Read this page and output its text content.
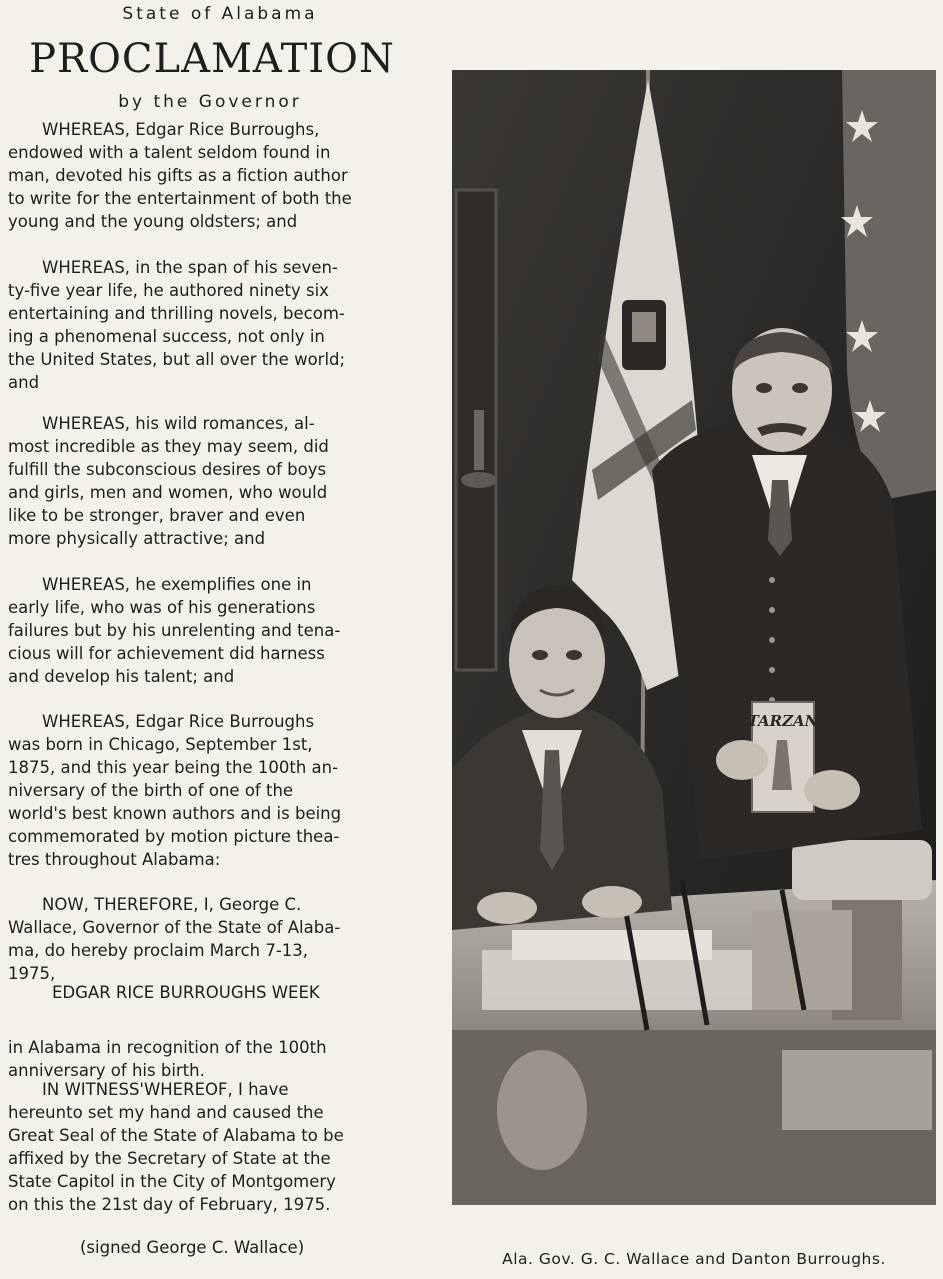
State of Alabama
PROCLAMATION
by the Governor

WHEREAS, Edgar Rice Burroughs,
endowed with a talent seldom found in
man, devoted his gifts as a fiction author
to write for the entertainment of both the
young and the young oldsters; and

WHEREAS, in the span of his seven-
ty-five year life, he authored ninety six
entertaining and thrilling novels, becom-
ing a phenomenal success, not only in
the United States, but all over the world;
and

WHEREAS, his wild romances, al-
most incredible as they may seem, did
fulfill the subconscious desires of boys
and girls, men and women, who would
like to be stronger, braver and even
more physically attractive; and

WHEREAS, he exemplifies one in
early life, who was of his generations
failures but by his unrelenting and tena-
cious will for achievement did harness
and develop his talent; and

WHEREAS, Edgar Rice Burroughs
was born in Chicago, September 1st,
1875, and this year being the 100th an-
niversary of the birth of one of the
world's best known authors and is being
commemorated by motion picture thea-
tres throughout Alabama:

NOW, THEREFORE, I, George C.
Wallace, Governor of the State of Alaba-
ma, do hereby proclaim March 7-13,
1975,

EDGAR RICE BURROUGHS WEEK

in Alabama in recognition of the 100th
anniversary of his birth.

IN WITNESS'WHEREOF, I have
hereunto set my hand and caused the
Great Seal of the State of Alabama to be
affixed by the Secretary of State at the
State Capitol in the City of Montgomery
on this the 21st day of February, 1975.

(signed George C. Wallace)
TARZAN
Ala. Gov. G. C. Wallace and Danton Burroughs.
